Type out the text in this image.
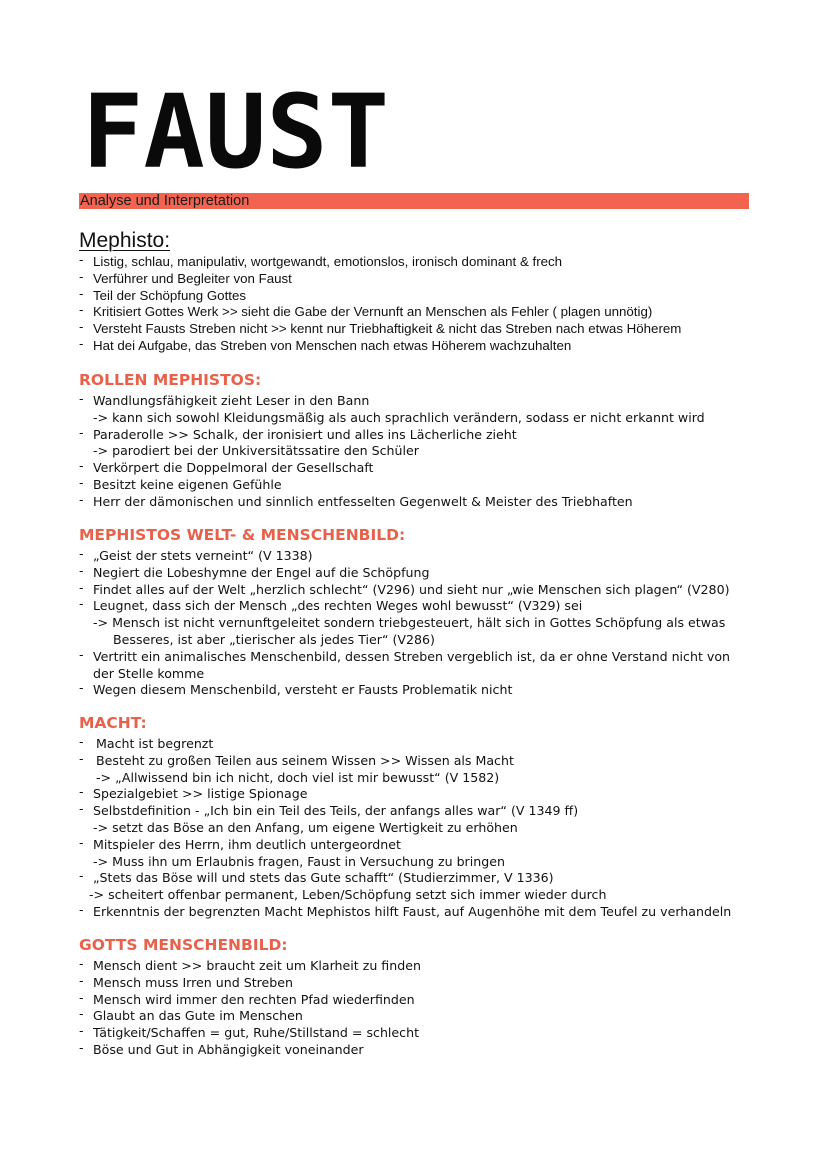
FAUST
Analyse und Interpretation
Mephisto:
- Listig, schlau, manipulativ, wortgewandt, emotionslos, ironisch dominant & frech
- Verführer und Begleiter von Faust
- Teil der Schöpfung Gottes
- Kritisiert Gottes Werk >> sieht die Gabe der Vernunft an Menschen als Fehler ( plagen unnötig)
- Versteht Fausts Streben nicht >> kennt nur Triebhaftigkeit & nicht das Streben nach etwas Höherem
- Hat dei Aufgabe, das Streben von Menschen nach etwas Höherem wachzuhalten
ROLLEN MEPHISTOS:
- Wandlungsfähigkeit zieht Leser in den Bann
-> kann sich sowohl Kleidungsmäßig als auch sprachlich verändern, sodass er nicht erkannt wird
- Paraderolle >> Schalk, der ironisiert und alles ins Lächerliche zieht
-> parodiert bei der Unkiversitätssatire den Schüler
- Verkörpert die Doppelmoral der Gesellschaft
- Besitzt keine eigenen Gefühle
- Herr der dämonischen und sinnlich entfesselten Gegenwelt & Meister des Triebhaften
MEPHISTOS WELT- & MENSCHENBILD:
- „Geist der stets verneint“ (V 1338)
- Negiert die Lobeshymne der Engel auf die Schöpfung
- Findet alles auf der Welt „herzlich schlecht“ (V296) und sieht nur „wie Menschen sich plagen“ (V280)
- Leugnet, dass sich der Mensch „des rechten Weges wohl bewusst“ (V329) sei
-> Mensch ist nicht vernunftgeleitet sondern triebgesteuert, hält sich in Gottes Schöpfung als etwas
Besseres, ist aber „tierischer als jedes Tier“ (V286)
- Vertritt ein animalisches Menschenbild, dessen Streben vergeblich ist, da er ohne Verstand nicht von
der Stelle komme
- Wegen diesem Menschenbild, versteht er Fausts Problematik nicht
MACHT:
- Macht ist begrenzt
- Besteht zu großen Teilen aus seinem Wissen >> Wissen als Macht
-> „Allwissend bin ich nicht, doch viel ist mir bewusst“ (V 1582)
- Spezialgebiet >> listige Spionage
- Selbstdefinition - „Ich bin ein Teil des Teils, der anfangs alles war“ (V 1349 ff)
-> setzt das Böse an den Anfang, um eigene Wertigkeit zu erhöhen
- Mitspieler des Herrn, ihm deutlich untergeordnet
-> Muss ihn um Erlaubnis fragen, Faust in Versuchung zu bringen
- „Stets das Böse will und stets das Gute schafft“ (Studierzimmer, V 1336)
-> scheitert offenbar permanent, Leben/Schöpfung setzt sich immer wieder durch
- Erkenntnis der begrenzten Macht Mephistos hilft Faust, auf Augenhöhe mit dem Teufel zu verhandeln
GOTTS MENSCHENBILD:
- Mensch dient >> braucht zeit um Klarheit zu finden
- Mensch muss Irren und Streben
- Mensch wird immer den rechten Pfad wiederfinden
- Glaubt an das Gute im Menschen
- Tätigkeit/Schaffen = gut, Ruhe/Stillstand = schlecht
- Böse und Gut in Abhängigkeit voneinander
